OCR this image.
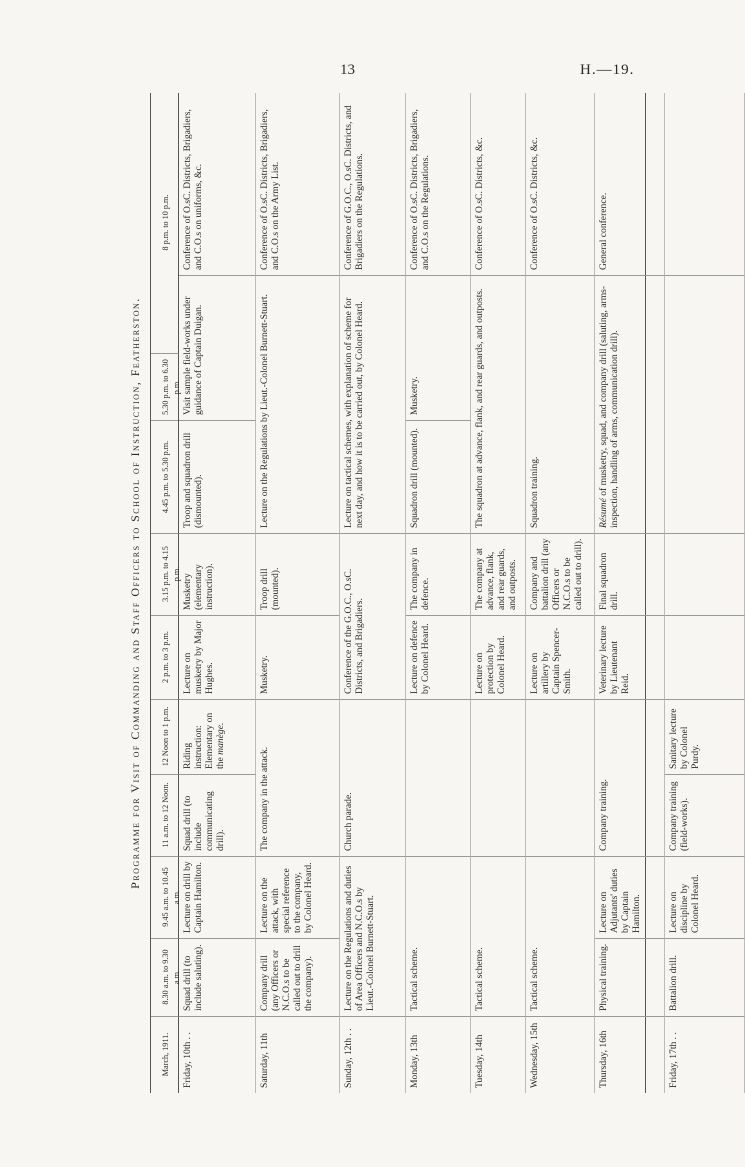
13	H.—19.
Programme for Visit of Commanding and Staff Officers to School of Instruction, Featherston.
March, 1911.
8.30 a.m. to 9.30 a.m.
9.45 a.m. to 10.45 a.m.
11 a.m. to 12 Noon.
12 Noon to 1 p.m.
2 p.m. to 3 p.m.
3.15 p.m. to 4.15 p.m.
4.45 p.m. to 5.30 p.m.
5.30 p.m. to 6.30 p.m.
8 p.m. to 10 p.m.
Friday, 10th . .
Squad drill (to include saluting).
Lecture on drill by Captain Hamilton.
Squad drill (to include communicating drill).
Riding instruction: Elementary on the manège.
Lecture on musketry by Major Hughes.
Musketry (elementary instruction).
Troop and squadron drill (dismounted).
Visit sample field-works under guidance of Captain Duigan.
Conference of O.sC. Districts, Brigadiers, and C.O.s on uniforms, &c.
Saturday, 11th
Company drill (any Officers or N.C.O.s to be called out to drill the company).
Lecture on the attack, with special reference to the company, by Colonel Heard.
The company in the attack.
Musketry.
Troop drill (mounted).
Lecture on the Regulations by Lieut.-Colonel Burnett-Stuart.
Conference of O.sC. Districts, Brigadiers, and C.O.s on the Army List.
Sunday, 12th . .
Lecture on the Regulations and duties of Area Officers and N.C.O.s by Lieut.-Colonel Burnett-Stuart.
Church parade.
Conference of the G.O.C., O.sC. Districts, and Brigadiers.
Lecture on tactical schemes, with explanation of scheme for next day, and how it is to be carried out, by Colonel Heard.
Conference of G.O.C., O.sC. Districts, and Brigadiers on the Regulations.
Monday, 13th
Tactical scheme.
Lecture on defence by Colonel Heard.
The company in defence.
Squadron drill (mounted).
Musketry.
Conference of O.sC. Districts, Brigadiers, and C.O.s on the Regulations.
Tuesday, 14th
Tactical scheme.
Lecture on protection by Colonel Heard.
The company at advance, flank, and rear guards, and outposts.
The squadron at advance, flank, and rear guards, and outposts.
Conference of O.sC. Districts, &c.
Wednesday, 15th
Tactical scheme.
Lecture on artillery by Captain Spencer-Smith.
Company and battalion drill (any Officers or N.C.O.s to be called out to drill).
Squadron training.
Conference of O.sC. Districts, &c.
Thursday, 16th
Physical training.
Lecture on Adjutants' duties by Captain Hamilton.
Company training.
Veterinary lecture by Lieutenant Reid.
Final squadron drill.
Résumé of musketry, squad, and company drill (saluting, arms-inspection, handling of arms, communication drill).
General conference.
Friday, 17th . .
Battalion drill.
Lecture on discipline by Colonel Heard.
Company training (field-works).
Sanitary lecture by Colonel Purdy.
